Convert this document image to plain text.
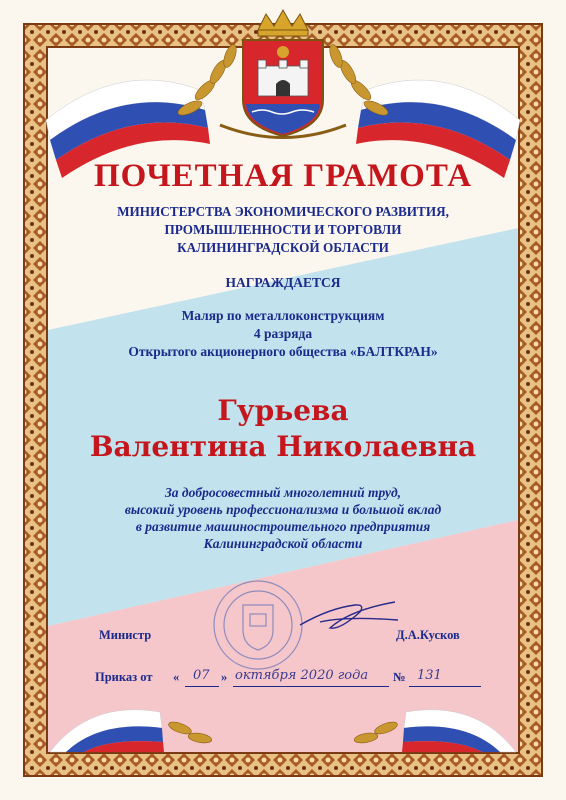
ПОЧЕТНАЯ ГРАМОТА
МИНИСТЕРСТВА ЭКОНОМИЧЕСКОГО РАЗВИТИЯ,
ПРОМЫШЛЕННОСТИ И ТОРГОВЛИ
КАЛИНИНГРАДСКОЙ ОБЛАСТИ
НАГРАЖДАЕТСЯ
Маляр по металлоконструкциям
4 разряда
Открытого акционерного общества «БАЛТКРАН»
Гурьева
Валентина Николаевна
За добросовестный многолетний труд,
высокий уровень профессионализма и большой вклад
в развитие машиностроительного предприятия
Калининградской области
Министр	Д.А.Кусков
Приказ от « 07 » октября 2020 года № 131
